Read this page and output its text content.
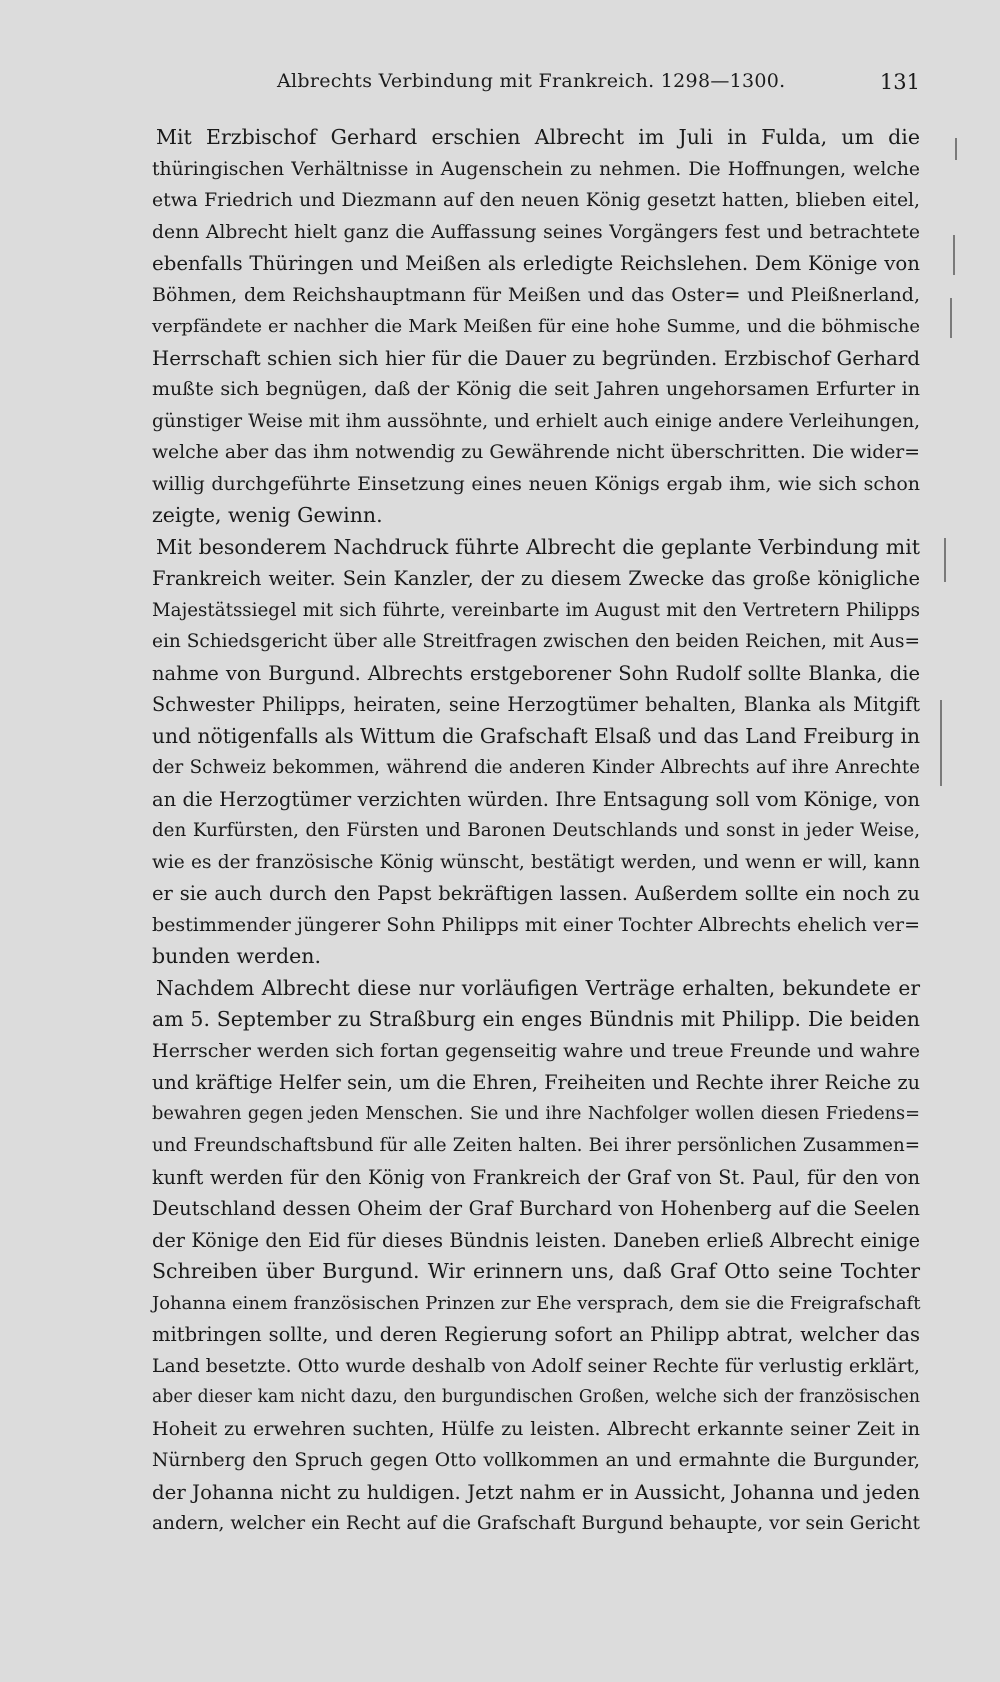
Albrechts Verbindung mit Frankreich. 1298—1300.	131
Mit Erzbischof Gerhard erschien Albrecht im Juli in Fulda, um die
thüringischen Verhältnisse in Augenschein zu nehmen. Die Hoffnungen, welche
etwa Friedrich und Diezmann auf den neuen König gesetzt hatten, blieben eitel,
denn Albrecht hielt ganz die Auffassung seines Vorgängers fest und betrachtete
ebenfalls Thüringen und Meißen als erledigte Reichslehen. Dem Könige von
Böhmen, dem Reichshauptmann für Meißen und das Oster= und Pleißnerland,
verpfändete er nachher die Mark Meißen für eine hohe Summe, und die böhmische
Herrschaft schien sich hier für die Dauer zu begründen. Erzbischof Gerhard
mußte sich begnügen, daß der König die seit Jahren ungehorsamen Erfurter in
günstiger Weise mit ihm aussöhnte, und erhielt auch einige andere Verleihungen,
welche aber das ihm notwendig zu Gewährende nicht überschritten. Die wider=
willig durchgeführte Einsetzung eines neuen Königs ergab ihm, wie sich schon
zeigte, wenig Gewinn.
Mit besonderem Nachdruck führte Albrecht die geplante Verbindung mit
Frankreich weiter. Sein Kanzler, der zu diesem Zwecke das große königliche
Majestätssiegel mit sich führte, vereinbarte im August mit den Vertretern Philipps
ein Schiedsgericht über alle Streitfragen zwischen den beiden Reichen, mit Aus=
nahme von Burgund. Albrechts erstgeborener Sohn Rudolf sollte Blanka, die
Schwester Philipps, heiraten, seine Herzogtümer behalten, Blanka als Mitgift
und nötigenfalls als Wittum die Grafschaft Elsaß und das Land Freiburg in
der Schweiz bekommen, während die anderen Kinder Albrechts auf ihre Anrechte
an die Herzogtümer verzichten würden. Ihre Entsagung soll vom Könige, von
den Kurfürsten, den Fürsten und Baronen Deutschlands und sonst in jeder Weise,
wie es der französische König wünscht, bestätigt werden, und wenn er will, kann
er sie auch durch den Papst bekräftigen lassen. Außerdem sollte ein noch zu
bestimmender jüngerer Sohn Philipps mit einer Tochter Albrechts ehelich ver=
bunden werden.
Nachdem Albrecht diese nur vorläufigen Verträge erhalten, bekundete er
am 5. September zu Straßburg ein enges Bündnis mit Philipp. Die beiden
Herrscher werden sich fortan gegenseitig wahre und treue Freunde und wahre
und kräftige Helfer sein, um die Ehren, Freiheiten und Rechte ihrer Reiche zu
bewahren gegen jeden Menschen. Sie und ihre Nachfolger wollen diesen Friedens=
und Freundschaftsbund für alle Zeiten halten. Bei ihrer persönlichen Zusammen=
kunft werden für den König von Frankreich der Graf von St. Paul, für den von
Deutschland dessen Oheim der Graf Burchard von Hohenberg auf die Seelen
der Könige den Eid für dieses Bündnis leisten. Daneben erließ Albrecht einige
Schreiben über Burgund. Wir erinnern uns, daß Graf Otto seine Tochter
Johanna einem französischen Prinzen zur Ehe versprach, dem sie die Freigrafschaft
mitbringen sollte, und deren Regierung sofort an Philipp abtrat, welcher das
Land besetzte. Otto wurde deshalb von Adolf seiner Rechte für verlustig erklärt,
aber dieser kam nicht dazu, den burgundischen Großen, welche sich der französischen
Hoheit zu erwehren suchten, Hülfe zu leisten. Albrecht erkannte seiner Zeit in
Nürnberg den Spruch gegen Otto vollkommen an und ermahnte die Burgunder,
der Johanna nicht zu huldigen. Jetzt nahm er in Aussicht, Johanna und jeden
andern, welcher ein Recht auf die Grafschaft Burgund behaupte, vor sein Gericht
